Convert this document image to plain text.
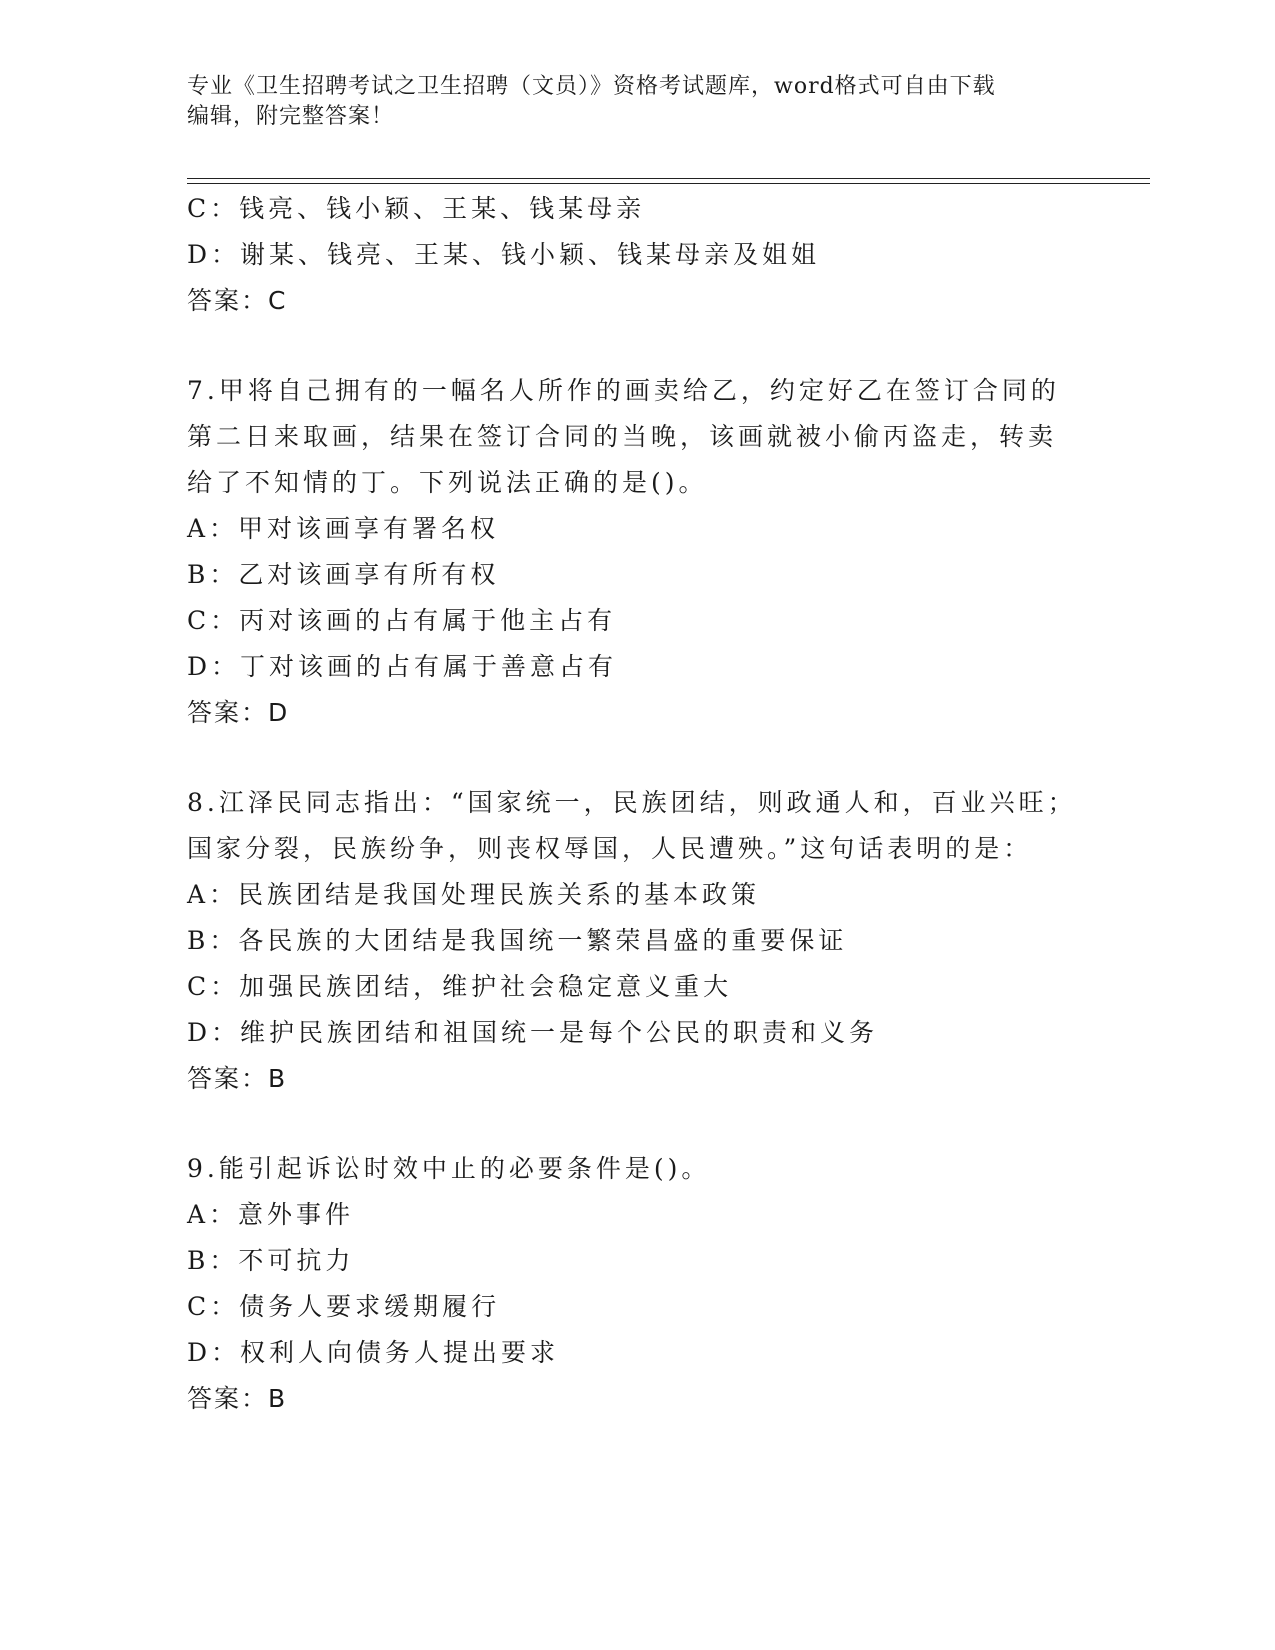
专业《卫生招聘考试之卫生招聘（文员）》资格考试题库，word格式可自由下载
编辑，附完整答案！
C：钱亮、钱小颖、王某、钱某母亲
D：谢某、钱亮、王某、钱小颖、钱某母亲及姐姐
答案：C
7.甲将自己拥有的一幅名人所作的画卖给乙，约定好乙在签订合同的
第二日来取画，结果在签订合同的当晚，该画就被小偷丙盗走，转卖
给了不知情的丁。下列说法正确的是()。
A：甲对该画享有署名权
B：乙对该画享有所有权
C：丙对该画的占有属于他主占有
D：丁对该画的占有属于善意占有
答案：D
8.江泽民同志指出：“国家统一，民族团结，则政通人和，百业兴旺；
国家分裂，民族纷争，则丧权辱国，人民遭殃。”这句话表明的是：
A：民族团结是我国处理民族关系的基本政策
B：各民族的大团结是我国统一繁荣昌盛的重要保证
C：加强民族团结，维护社会稳定意义重大
D：维护民族团结和祖国统一是每个公民的职责和义务
答案：B
9.能引起诉讼时效中止的必要条件是()。
A：意外事件
B：不可抗力
C：债务人要求缓期履行
D：权利人向债务人提出要求
答案：B
